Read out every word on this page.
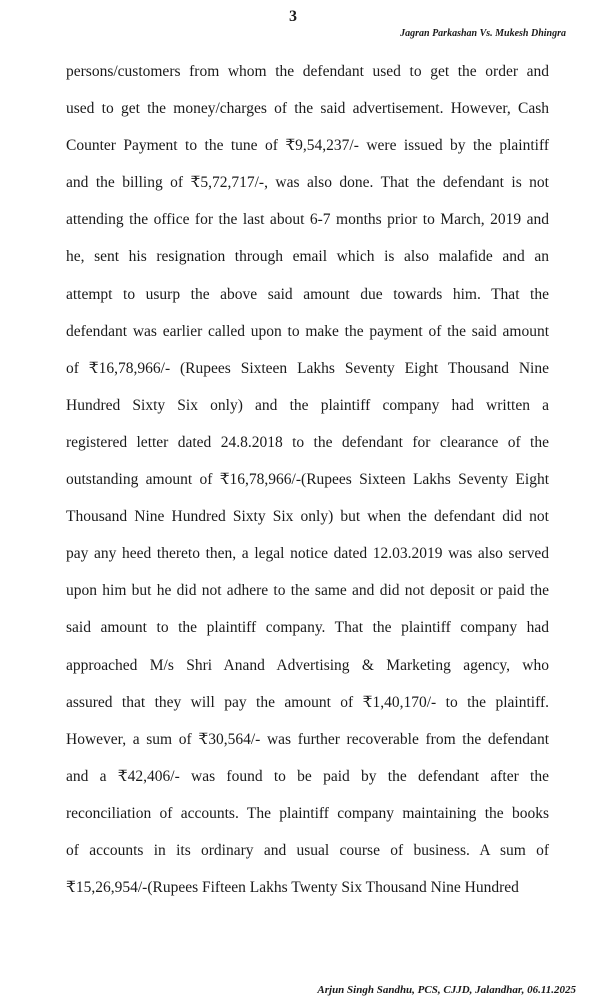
3
Jagran Parkashan Vs. Mukesh Dhingra
persons/customers from whom the defendant used to get the order and
used to get the money/charges of the said advertisement. However, Cash
Counter Payment to the tune of ₹9,54,237/- were issued by the plaintiff
and the billing of ₹5,72,717/-, was also done. That the defendant is not
attending the office for the last about 6-7 months prior to March, 2019 and
he, sent his resignation through email which is also malafide and an
attempt to usurp the above said amount due towards him. That the
defendant was earlier called upon to make the payment of the said amount
of ₹16,78,966/- (Rupees Sixteen Lakhs Seventy Eight Thousand Nine
Hundred Sixty Six only) and the plaintiff company had written a
registered letter dated 24.8.2018 to the defendant for clearance of the
outstanding amount of ₹16,78,966/-(Rupees Sixteen Lakhs Seventy Eight
Thousand Nine Hundred Sixty Six only) but when the defendant did not
pay any heed thereto then, a legal notice dated 12.03.2019 was also served
upon him but he did not adhere to the same and did not deposit or paid the
said amount to the plaintiff company. That the plaintiff company had
approached M/s Shri Anand Advertising & Marketing agency, who
assured that they will pay the amount of ₹1,40,170/- to the plaintiff.
However, a sum of ₹30,564/- was further recoverable from the defendant
and a ₹42,406/- was found to be paid by the defendant after the
reconciliation of accounts. The plaintiff company maintaining the books
of accounts in its ordinary and usual course of business. A sum of
₹15,26,954/-(Rupees Fifteen Lakhs Twenty Six Thousand Nine Hundred
Arjun Singh Sandhu, PCS, CJJD, Jalandhar, 06.11.2025
